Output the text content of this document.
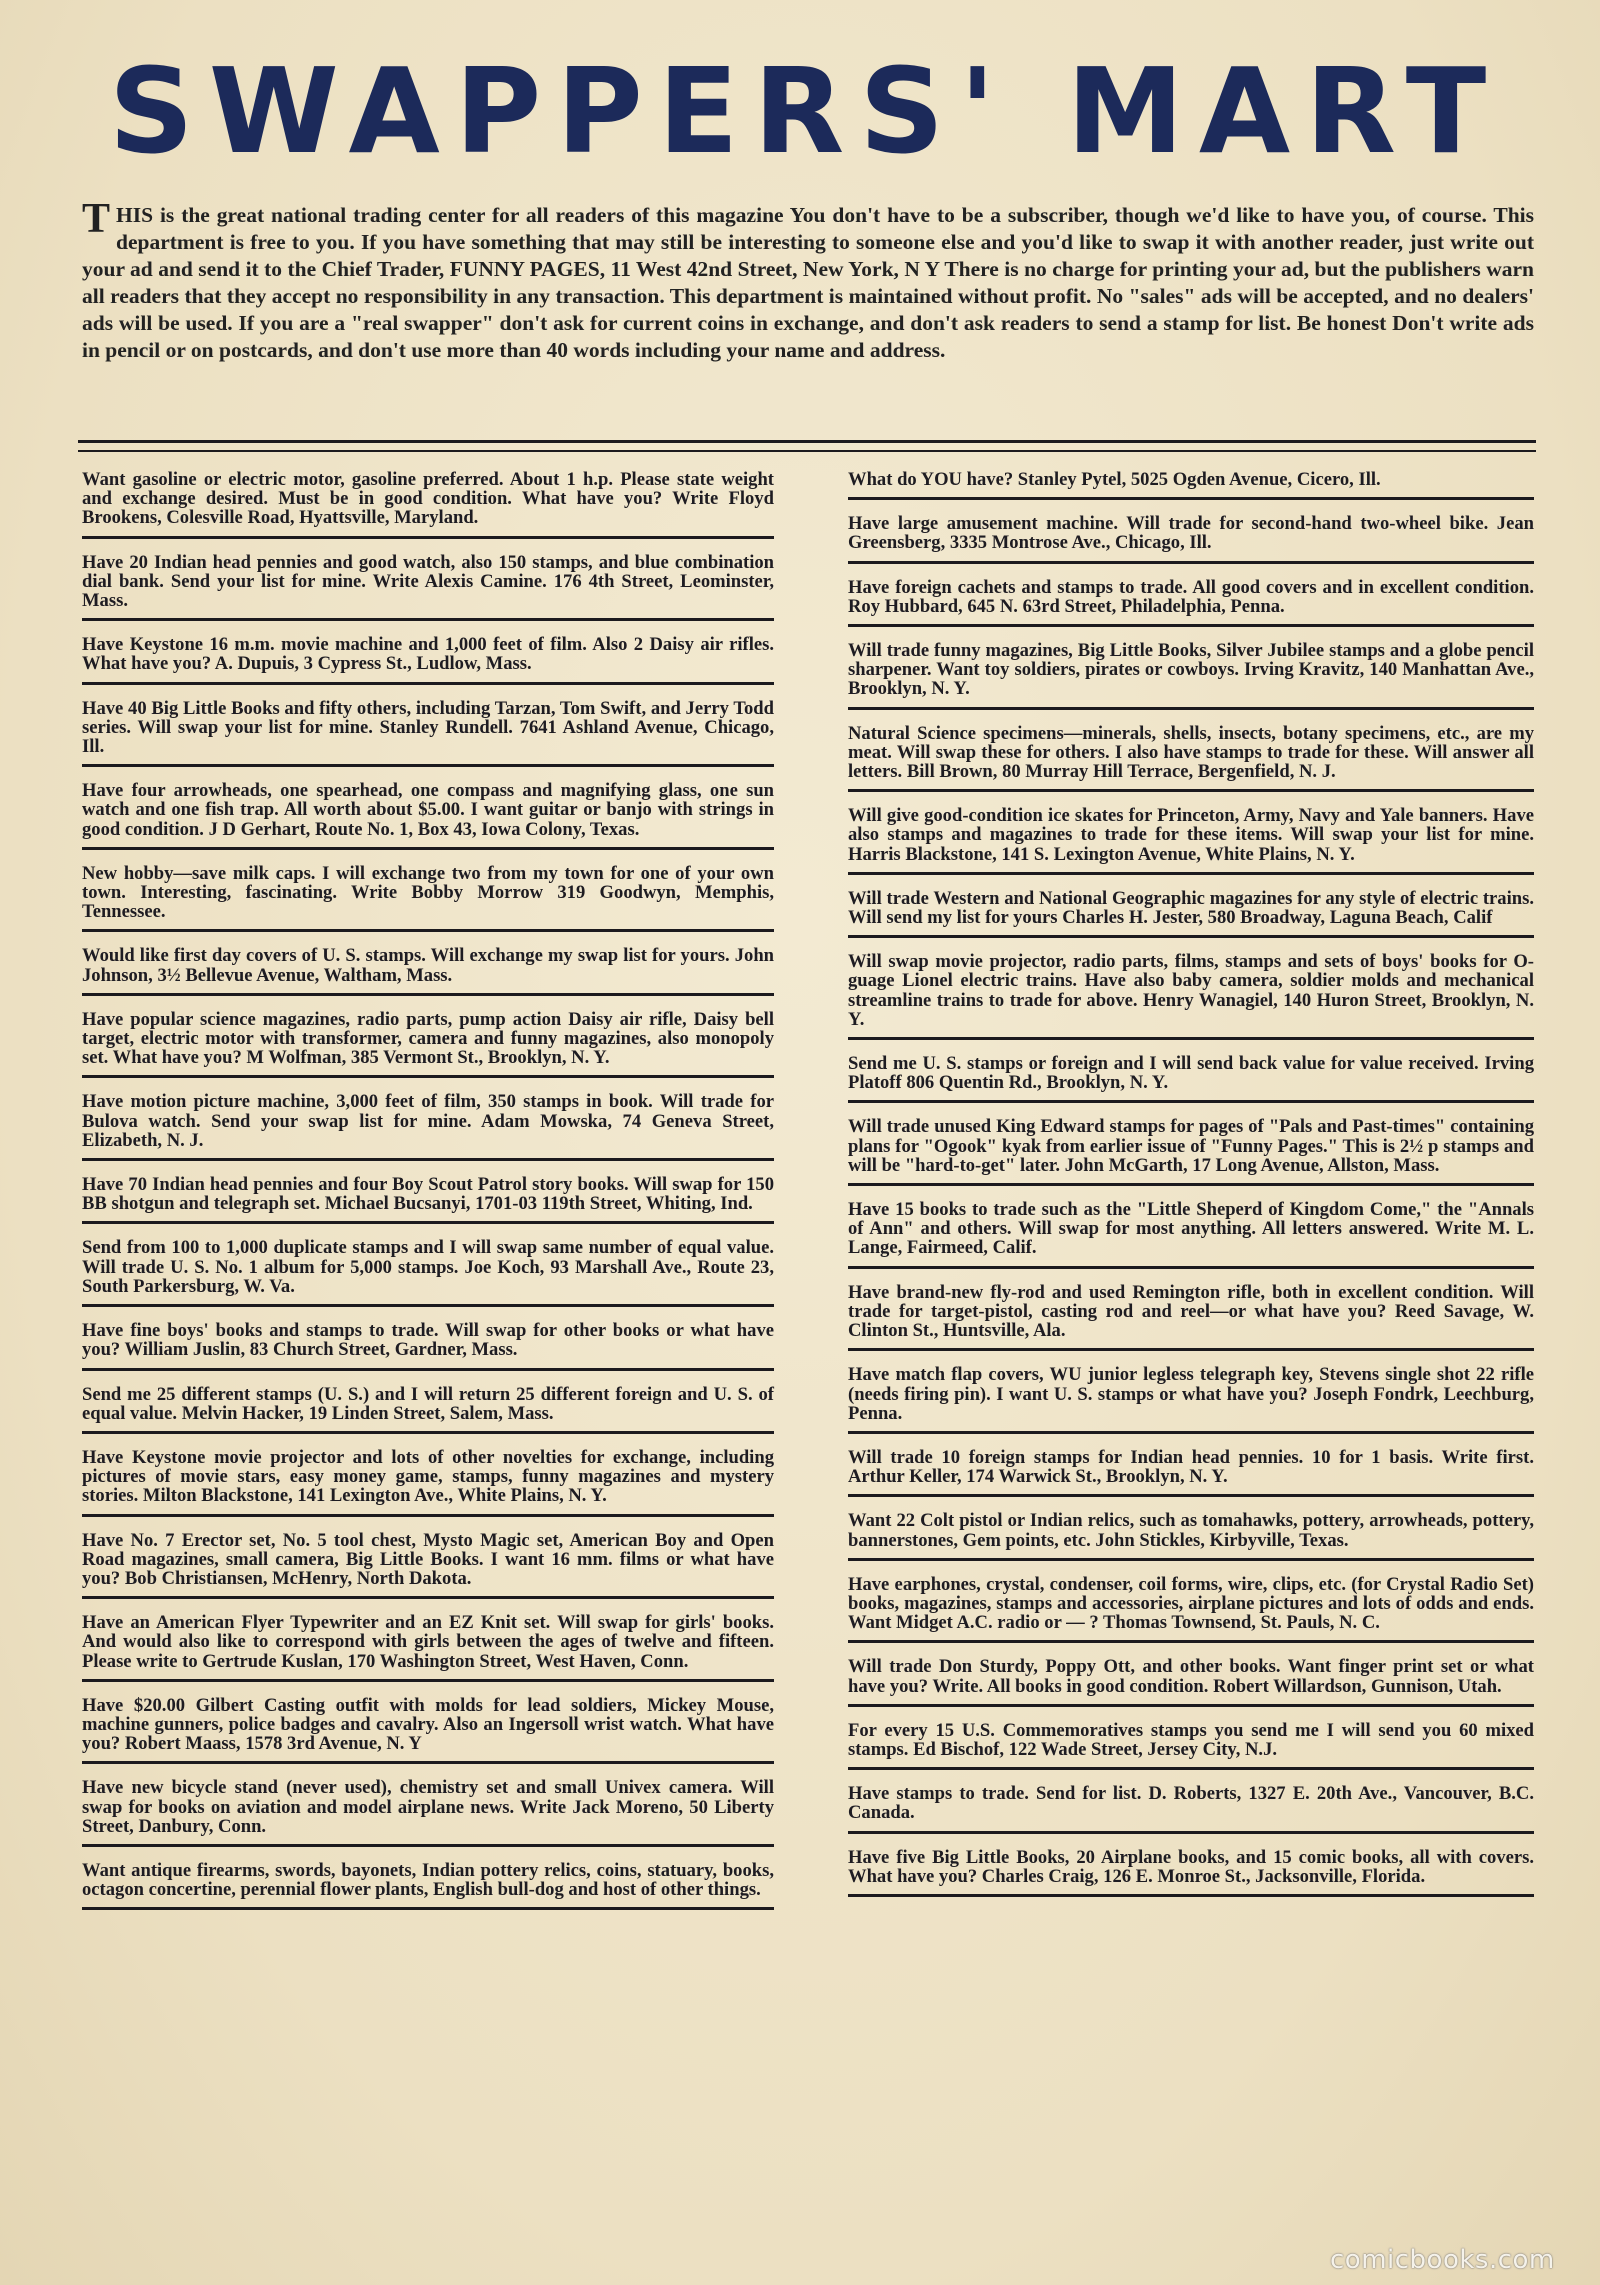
SWAPPERS' MART

THIS is the great national trading center for all readers of this magazine You don't have to be a subscriber, though we'd like to have you, of course. This department is free to you. If you have something that may still be interesting to someone else and you'd like to swap it with another reader, just write out your ad and send it to the Chief Trader, FUNNY PAGES, 11 West 42nd Street, New York, N Y There is no charge for printing your ad, but the publishers warn all readers that they accept no responsibility in any transaction. This department is maintained without profit. No "sales" ads will be accepted, and no dealers' ads will be used. If you are a "real swapper" don't ask for current coins in exchange, and don't ask readers to send a stamp for list. Be honest Don't write ads in pencil or on postcards, and don't use more than 40 words including your name and address.

Want gasoline or electric motor, gasoline preferred. About 1 h.p. Please state weight and exchange desired. Must be in good condition. What have you? Write Floyd Brookens, Colesville Road, Hyattsville, Maryland.
Have 20 Indian head pennies and good watch, also 150 stamps, and blue combination dial bank. Send your list for mine. Write Alexis Camine. 176 4th Street, Leominster, Mass.
Have Keystone 16 m.m. movie machine and 1,000 feet of film. Also 2 Daisy air rifles. What have you? A. Dupuis, 3 Cypress St., Ludlow, Mass.
Have 40 Big Little Books and fifty others, including Tarzan, Tom Swift, and Jerry Todd series. Will swap your list for mine. Stanley Rundell. 7641 Ashland Avenue, Chicago, Ill.
Have four arrowheads, one spearhead, one compass and magnifying glass, one sun watch and one fish trap. All worth about $5.00. I want guitar or banjo with strings in good condition. J D Gerhart, Route No. 1, Box 43, Iowa Colony, Texas.
New hobby—save milk caps. I will exchange two from my town for one of your own town. Interesting, fascinating. Write Bobby Morrow 319 Goodwyn, Memphis, Tennessee.
Would like first day covers of U. S. stamps. Will exchange my swap list for yours. John Johnson, 3½ Bellevue Avenue, Waltham, Mass.
Have popular science magazines, radio parts, pump action Daisy air rifle, Daisy bell target, electric motor with transformer, camera and funny magazines, also monopoly set. What have you? M Wolfman, 385 Vermont St., Brooklyn, N. Y.
Have motion picture machine, 3,000 feet of film, 350 stamps in book. Will trade for Bulova watch. Send your swap list for mine. Adam Mowska, 74 Geneva Street, Elizabeth, N. J.
Have 70 Indian head pennies and four Boy Scout Patrol story books. Will swap for 150 BB shotgun and telegraph set. Michael Bucsanyi, 1701-03 119th Street, Whiting, Ind.
Send from 100 to 1,000 duplicate stamps and I will swap same number of equal value. Will trade U. S. No. 1 album for 5,000 stamps. Joe Koch, 93 Marshall Ave., Route 23, South Parkersburg, W. Va.
Have fine boys' books and stamps to trade. Will swap for other books or what have you? William Juslin, 83 Church Street, Gardner, Mass.
Send me 25 different stamps (U. S.) and I will return 25 different foreign and U. S. of equal value. Melvin Hacker, 19 Linden Street, Salem, Mass.
Have Keystone movie projector and lots of other novelties for exchange, including pictures of movie stars, easy money game, stamps, funny magazines and mystery stories. Milton Blackstone, 141 Lexington Ave., White Plains, N. Y.
Have No. 7 Erector set, No. 5 tool chest, Mysto Magic set, American Boy and Open Road magazines, small camera, Big Little Books. I want 16 mm. films or what have you? Bob Christiansen, McHenry, North Dakota.
Have an American Flyer Typewriter and an EZ Knit set. Will swap for girls' books. And would also like to correspond with girls between the ages of twelve and fifteen. Please write to Gertrude Kuslan, 170 Washington Street, West Haven, Conn.
Have $20.00 Gilbert Casting outfit with molds for lead soldiers, Mickey Mouse, machine gunners, police badges and cavalry. Also an Ingersoll wrist watch. What have you? Robert Maass, 1578 3rd Avenue, N. Y
Have new bicycle stand (never used), chemistry set and small Univex camera. Will swap for books on aviation and model airplane news. Write Jack Moreno, 50 Liberty Street, Danbury, Conn.
Want antique firearms, swords, bayonets, Indian pottery relics, coins, statuary, books, octagon concertine, perennial flower plants, English bull-dog and host of other things.
What do YOU have? Stanley Pytel, 5025 Ogden Avenue, Cicero, Ill.
Have large amusement machine. Will trade for second-hand two-wheel bike. Jean Greensberg, 3335 Montrose Ave., Chicago, Ill.
Have foreign cachets and stamps to trade. All good covers and in excellent condition. Roy Hubbard, 645 N. 63rd Street, Philadelphia, Penna.
Will trade funny magazines, Big Little Books, Silver Jubilee stamps and a globe pencil sharpener. Want toy soldiers, pirates or cowboys. Irving Kravitz, 140 Manhattan Ave., Brooklyn, N. Y.
Natural Science specimens—minerals, shells, insects, botany specimens, etc., are my meat. Will swap these for others. I also have stamps to trade for these. Will answer all letters. Bill Brown, 80 Murray Hill Terrace, Bergenfield, N. J.
Will give good-condition ice skates for Princeton, Army, Navy and Yale banners. Have also stamps and magazines to trade for these items. Will swap your list for mine. Harris Blackstone, 141 S. Lexington Avenue, White Plains, N. Y.
Will trade Western and National Geographic magazines for any style of electric trains. Will send my list for yours Charles H. Jester, 580 Broadway, Laguna Beach, Calif
Will swap movie projector, radio parts, films, stamps and sets of boys' books for O-guage Lionel electric trains. Have also baby camera, soldier molds and mechanical streamline trains to trade for above. Henry Wanagiel, 140 Huron Street, Brooklyn, N. Y.
Send me U. S. stamps or foreign and I will send back value for value received. Irving Platoff 806 Quentin Rd., Brooklyn, N. Y.
Will trade unused King Edward stamps for pages of "Pals and Past-times" containing plans for "Ogook" kyak from earlier issue of "Funny Pages." This is 2½ p stamps and will be "hard-to-get" later. John McGarth, 17 Long Avenue, Allston, Mass.
Have 15 books to trade such as the "Little Sheperd of Kingdom Come," the "Annals of Ann" and others. Will swap for most anything. All letters answered. Write M. L. Lange, Fairmeed, Calif.
Have brand-new fly-rod and used Remington rifle, both in excellent condition. Will trade for target-pistol, casting rod and reel—or what have you? Reed Savage, W. Clinton St., Huntsville, Ala.
Have match flap covers, WU junior legless telegraph key, Stevens single shot 22 rifle (needs firing pin). I want U. S. stamps or what have you? Joseph Fondrk, Leechburg, Penna.
Will trade 10 foreign stamps for Indian head pennies. 10 for 1 basis. Write first. Arthur Keller, 174 Warwick St., Brooklyn, N. Y.
Want 22 Colt pistol or Indian relics, such as tomahawks, pottery, arrowheads, pottery, bannerstones, Gem points, etc. John Stickles, Kirbyville, Texas.
Have earphones, crystal, condenser, coil forms, wire, clips, etc. (for Crystal Radio Set) books, magazines, stamps and accessories, airplane pictures and lots of odds and ends. Want Midget A.C. radio or — ? Thomas Townsend, St. Pauls, N. C.
Will trade Don Sturdy, Poppy Ott, and other books. Want finger print set or what have you? Write. All books in good condition. Robert Willardson, Gunnison, Utah.
For every 15 U.S. Commemoratives stamps you send me I will send you 60 mixed stamps. Ed Bischof, 122 Wade Street, Jersey City, N.J.
Have stamps to trade. Send for list. D. Roberts, 1327 E. 20th Ave., Vancouver, B.C. Canada.
Have five Big Little Books, 20 Airplane books, and 15 comic books, all with covers. What have you? Charles Craig, 126 E. Monroe St., Jacksonville, Florida.
comicbooks.com
